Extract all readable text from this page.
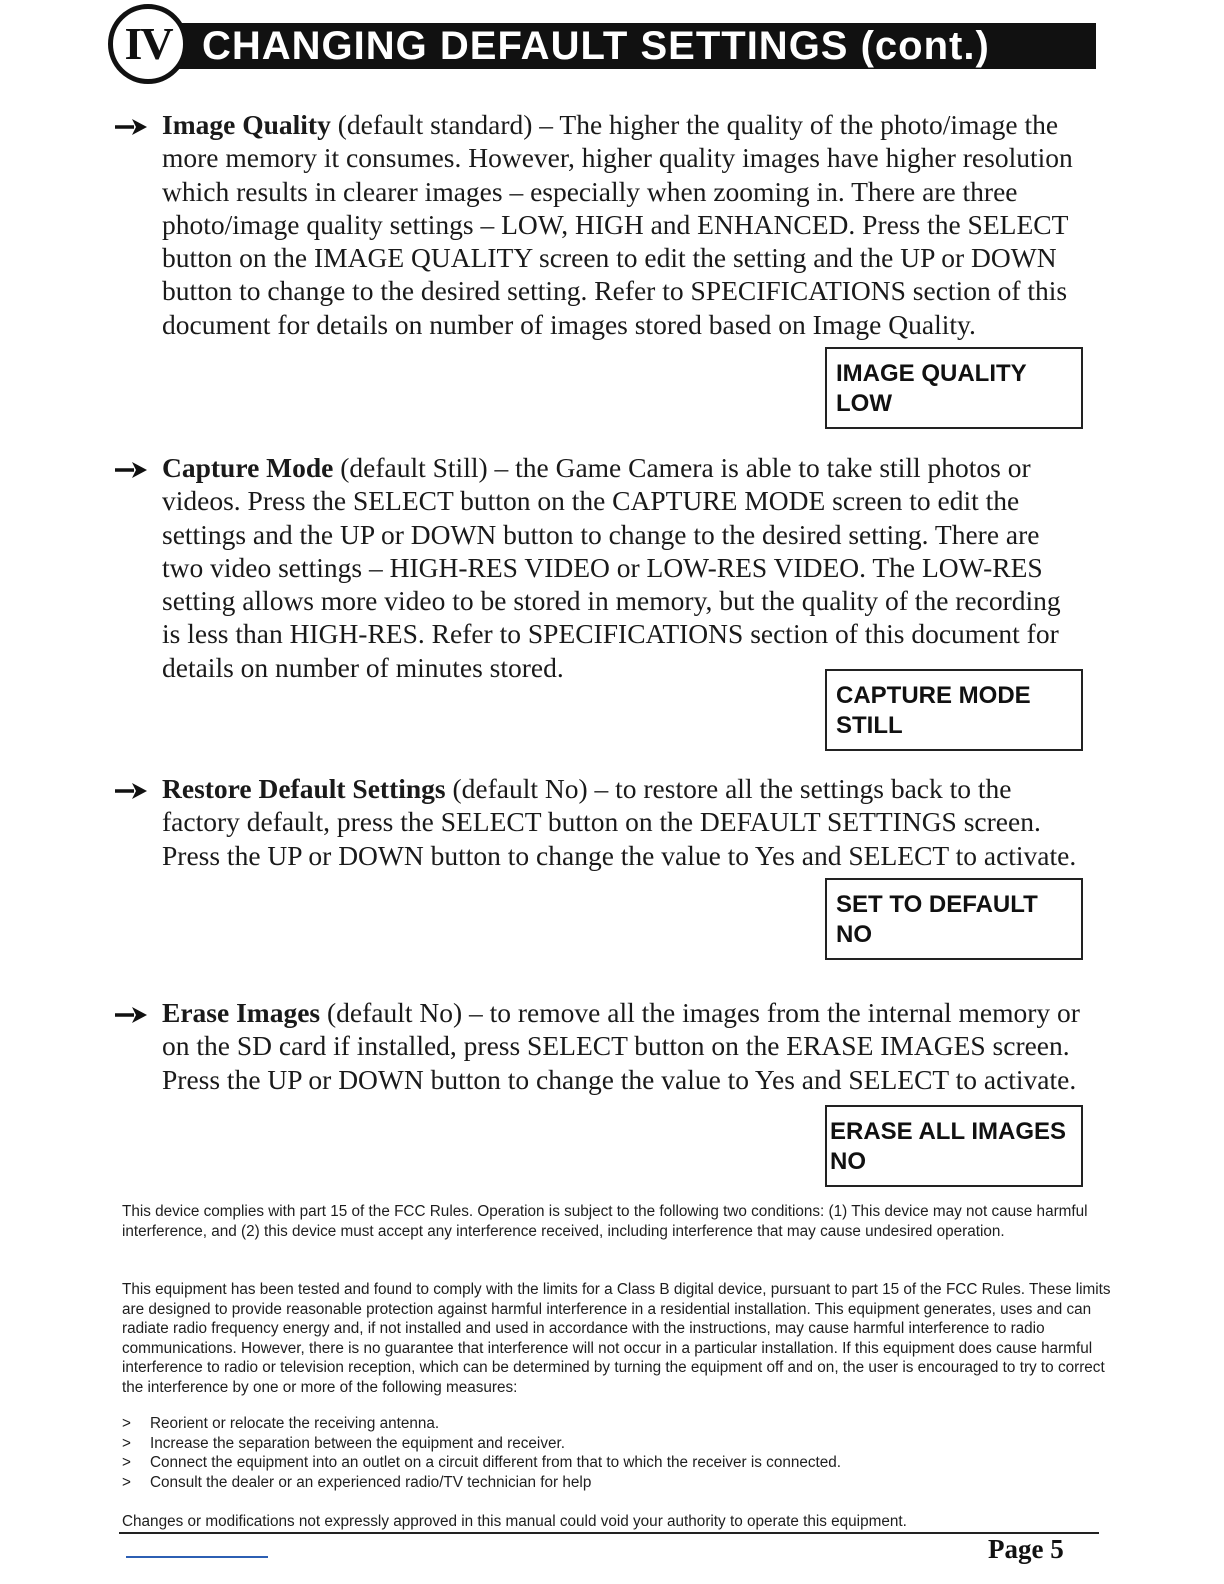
CHANGING DEFAULT SETTINGS (cont.)
IV
Image Quality (default standard) – The higher the quality of the photo/image the more memory it consumes. However, higher quality images have higher resolution which results in clearer images – especially when zooming in. There are three photo/image quality settings – LOW, HIGH and ENHANCED. Press the SELECT button on the IMAGE QUALITY screen to edit the setting and the UP or DOWN button to change to the desired setting. Refer to SPECIFICATIONS section of this document for details on number of images stored based on Image Quality.
IMAGE QUALITY
LOW
Capture Mode (default Still) – the Game Camera is able to take still photos or videos. Press the SELECT button on the CAPTURE MODE screen to edit the settings and the UP or DOWN button to change to the desired setting. There are two video settings – HIGH-RES VIDEO or LOW-RES VIDEO. The LOW-RES setting allows more video to be stored in memory, but the quality of the recording is less than HIGH-RES. Refer to SPECIFICATIONS section of this document for details on number of minutes stored.
CAPTURE MODE
STILL
Restore Default Settings (default No) – to restore all the settings back to the factory default, press the SELECT button on the DEFAULT SETTINGS screen. Press the UP or DOWN button to change the value to Yes and SELECT to activate.
SET TO DEFAULT
NO
Erase Images (default No) – to remove all the images from the internal memory or on the SD card if installed, press SELECT button on the ERASE IMAGES screen. Press the UP or DOWN button to change the value to Yes and SELECT to activate.
ERASE ALL IMAGES
NO
This device complies with part 15 of the FCC Rules. Operation is subject to the following two conditions: (1) This device may not cause harmful interference, and (2) this device must accept any interference received, including interference that may cause undesired operation.
This equipment has been tested and found to comply with the limits for a Class B digital device, pursuant to part 15 of the FCC Rules. These limits are designed to provide reasonable protection against harmful interference in a residential installation. This equipment generates, uses and can radiate radio frequency energy and, if not installed and used in accordance with the instructions, may cause harmful interference to radio communications. However, there is no guarantee that interference will not occur in a particular installation. If this equipment does cause harmful interference to radio or television reception, which can be determined by turning the equipment off and on, the user is encouraged to try to correct the interference by one or more of the following measures:
>	Reorient or relocate the receiving antenna.
>	Increase the separation between the equipment and receiver.
>	Connect the equipment into an outlet on a circuit different from that to which the receiver is connected.
>	Consult the dealer or an experienced radio/TV technician for help
Changes or modifications not expressly approved in this manual could void your authority to operate this equipment.
Page 5
